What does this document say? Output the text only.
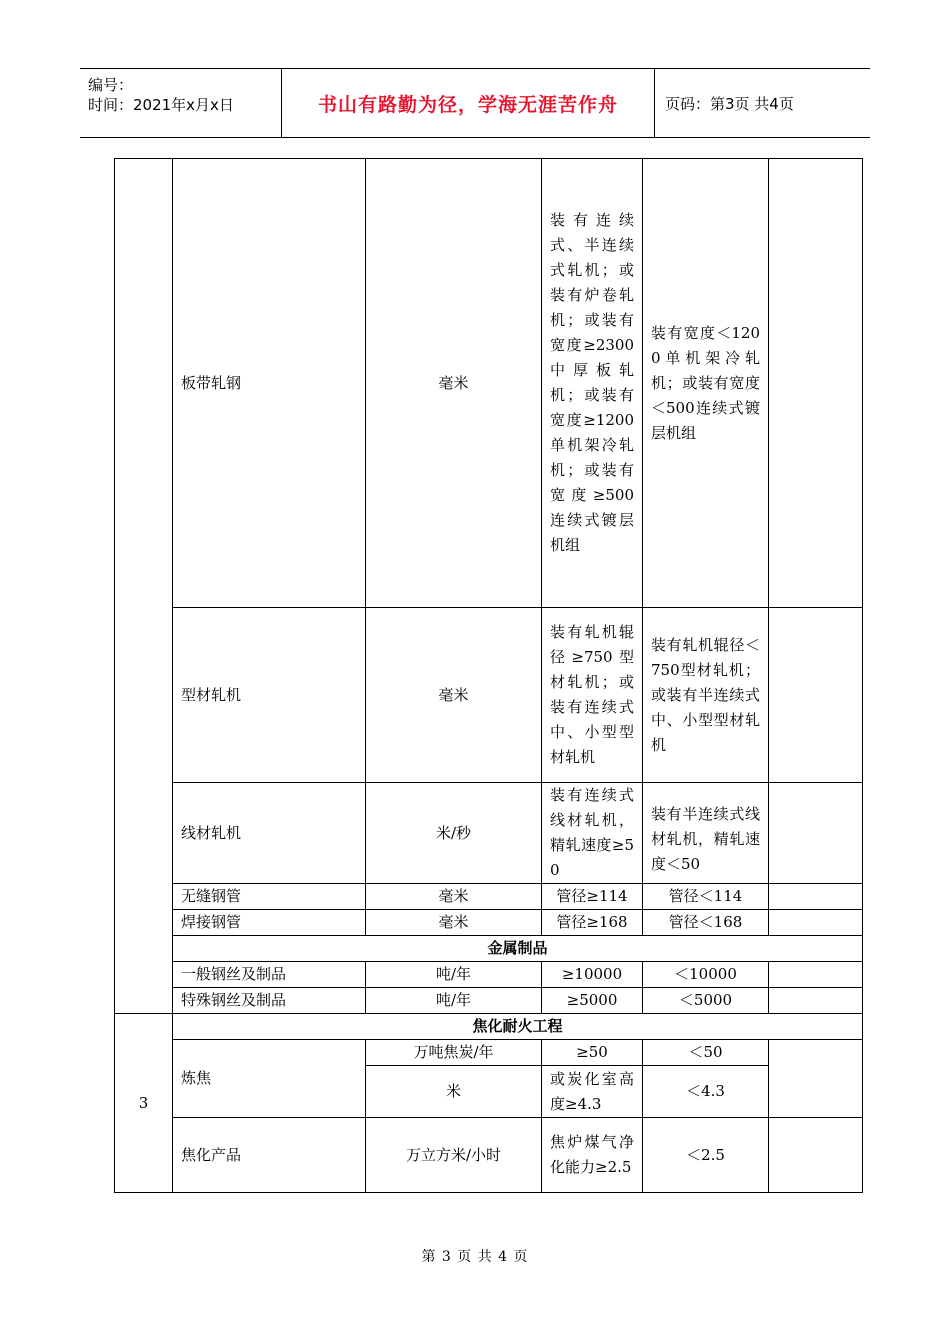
编号：
时间：2021年x月x日	书山有路勤为径，学海无涯苦作舟	页码：第3页 共4页
	板带轧钢	毫米	装有连续式、半连续式轧机；或装有炉卷轧机；或装有宽度≥2300中厚板轧机；或装有宽度≥1200单机架冷轧机；或装有宽度≥500连续式镀层机组	装有宽度＜1200单机架冷轧机；或装有宽度＜500连续式镀层机组	
	型材轧机	毫米	装有轧机辊径≥750型材轧机；或装有连续式中、小型型材轧机	装有轧机辊径＜750型材轧机；或装有半连续式中、小型型材轧机	
	线材轧机	米/秒	装有连续式线材轧机，精轧速度≥50	装有半连续式线材轧机，精轧速度＜50	
	无缝钢管	毫米	管径≥114	管径＜114	
	焊接钢管	毫米	管径≥168	管径＜168	
	金属制品				
	一般钢丝及制品	吨/年	≥10000	＜10000	
	特殊钢丝及制品	吨/年	≥5000	＜5000	

3	焦化耐火工程				
	炼焦	万吨焦炭/年	≥50	＜50	
		米	或炭化室高度≥4.3	＜4.3	
	焦化产品	万立方米/小时	焦炉煤气净化能力≥2.5	＜2.5	
第 3 页 共 4 页
